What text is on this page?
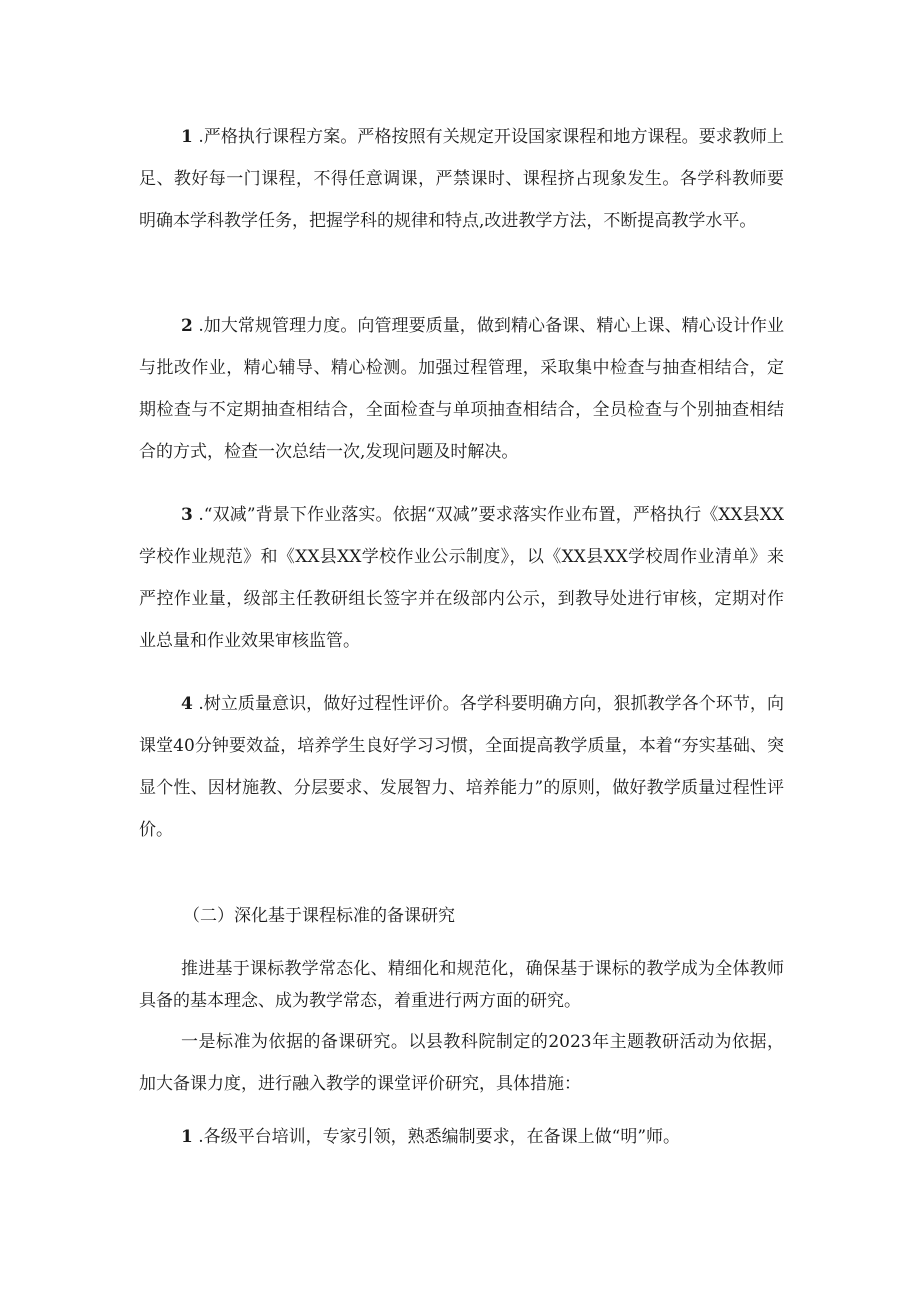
1 .严格执行课程方案。严格按照有关规定开设国家课程和地方课程。要求教师上足、教好每一门课程，不得任意调课，严禁课时、课程挤占现象发生。各学科教师要明确本学科教学任务，把握学科的规律和特点,改进教学方法，不断提高教学水平。

2 .加大常规管理力度。向管理要质量，做到精心备课、精心上课、精心设计作业与批改作业，精心辅导、精心检测。加强过程管理，采取集中检查与抽查相结合，定期检查与不定期抽查相结合，全面检查与单项抽查相结合，全员检查与个别抽查相结合的方式，检查一次总结一次,发现问题及时解决。

3 .“双减”背景下作业落实。依据“双减”要求落实作业布置，严格执行《XX县XX学校作业规范》和《XX县XX学校作业公示制度》，以《XX县XX学校周作业清单》来严控作业量，级部主任教研组长签字并在级部内公示，到教导处进行审核，定期对作业总量和作业效果审核监管。

4 .树立质量意识，做好过程性评价。各学科要明确方向，狠抓教学各个环节，向课堂40分钟要效益，培养学生良好学习习惯，全面提高教学质量，本着“夯实基础、突显个性、因材施教、分层要求、发展智力、培养能力”的原则，做好教学质量过程性评价。

（二）深化基于课程标准的备课研究

推进基于课标教学常态化、精细化和规范化，确保基于课标的教学成为全体教师具备的基本理念、成为教学常态，着重进行两方面的研究。

一是标准为依据的备课研究。以县教科院制定的2023年主题教研活动为依据，加大备课力度，进行融入教学的课堂评价研究，具体措施：

1 .各级平台培训，专家引领，熟悉编制要求，在备课上做“明”师。
